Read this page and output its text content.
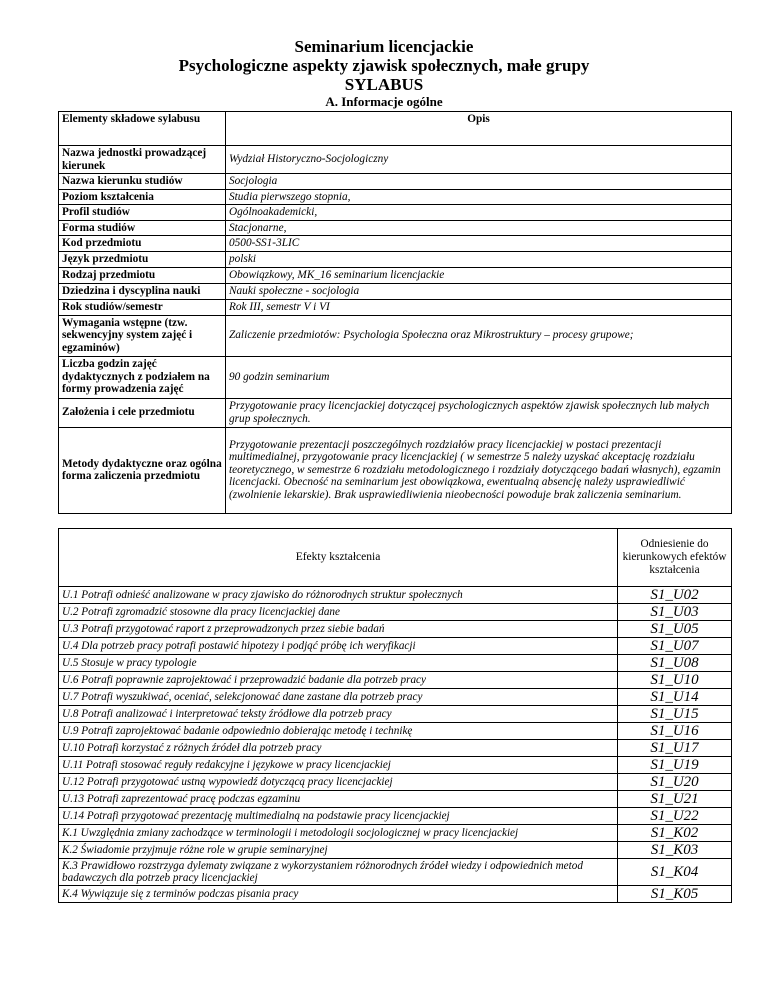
Seminarium licencjackie
Psychologiczne aspekty zjawisk społecznych, małe grupy
SYLABUS
A. Informacje ogólne
Elementy składowe sylabusu	Opis
Nazwa jednostki prowadzącej kierunek	Wydział Historyczno-Socjologiczny
Nazwa kierunku studiów	Socjologia
Poziom kształcenia	Studia pierwszego stopnia,
Profil studiów	Ogólnoakademicki,
Forma studiów	Stacjonarne,
Kod przedmiotu	0500-SS1-3LIC
Język przedmiotu	polski
Rodzaj przedmiotu	Obowiązkowy, MK_16 seminarium licencjackie
Dziedzina i dyscyplina nauki	Nauki społeczne - socjologia
Rok studiów/semestr	Rok III, semestr V i VI
Wymagania wstępne (tzw. sekwencyjny system zajęć i egzaminów)	Zaliczenie przedmiotów: Psychologia Społeczna oraz Mikrostruktury – procesy grupowe;
Liczba godzin zajęć dydaktycznych z podziałem na formy prowadzenia zajęć	90 godzin seminarium
Założenia i cele przedmiotu	Przygotowanie pracy licencjackiej dotyczącej psychologicznych aspektów zjawisk społecznych lub małych grup społecznych.
Metody dydaktyczne oraz ogólna forma zaliczenia przedmiotu	Przygotowanie prezentacji poszczególnych rozdziałów pracy licencjackiej w postaci prezentacji multimedialnej, przygotowanie pracy licencjackiej ( w semestrze 5 należy uzyskać akceptację rozdziału teoretycznego, w semestrze 6 rozdziału metodologicznego i rozdziały dotyczącego badań własnych), egzamin licencjacki. Obecność na seminarium jest obowiązkowa, ewentualną absencję należy usprawiedliwić (zwolnienie lekarskie). Brak usprawiedliwienia nieobecności powoduje brak zaliczenia seminarium.
Efekty kształcenia	Odniesienie do kierunkowych efektów kształcenia
U.1 Potrafi odnieść analizowane w pracy zjawisko do różnorodnych struktur społecznych	S1_U02
U.2 Potrafi zgromadzić stosowne dla pracy licencjackiej dane	S1_U03
U.3 Potrafi przygotować raport z przeprowadzonych przez siebie badań	S1_U05
U.4 Dla potrzeb pracy potrafi postawić hipotezy i podjąć próbę ich weryfikacji	S1_U07
U.5 Stosuje w pracy typologie	S1_U08
U.6 Potrafi poprawnie zaprojektować i przeprowadzić badanie dla potrzeb pracy	S1_U10
U.7 Potrafi wyszukiwać, oceniać, selekcjonować dane zastane dla potrzeb pracy	S1_U14
U.8 Potrafi analizować i interpretować teksty źródłowe dla potrzeb pracy	S1_U15
U.9 Potrafi zaprojektować badanie odpowiednio dobierając metodę i technikę	S1_U16
U.10 Potrafi korzystać z różnych źródeł dla potrzeb pracy	S1_U17
U.11 Potrafi stosować reguły redakcyjne i językowe w pracy licencjackiej	S1_U19
U.12 Potrafi przygotować ustną wypowiedź dotyczącą pracy licencjackiej	S1_U20
U.13 Potrafi zaprezentować pracę podczas egzaminu	S1_U21
U.14 Potrafi przygotować prezentację multimedialną na podstawie pracy licencjackiej	S1_U22
K.1 Uwzględnia zmiany zachodzące w terminologii i metodologii socjologicznej w pracy licencjackiej	S1_K02
K.2 Świadomie przyjmuje różne role w grupie seminaryjnej	S1_K03
K.3 Prawidłowo rozstrzyga dylematy związane z wykorzystaniem różnorodnych źródeł wiedzy i odpowiednich metod badawczych dla potrzeb pracy licencjackiej	S1_K04
K.4 Wywiązuje się z terminów podczas pisania pracy	S1_K05
